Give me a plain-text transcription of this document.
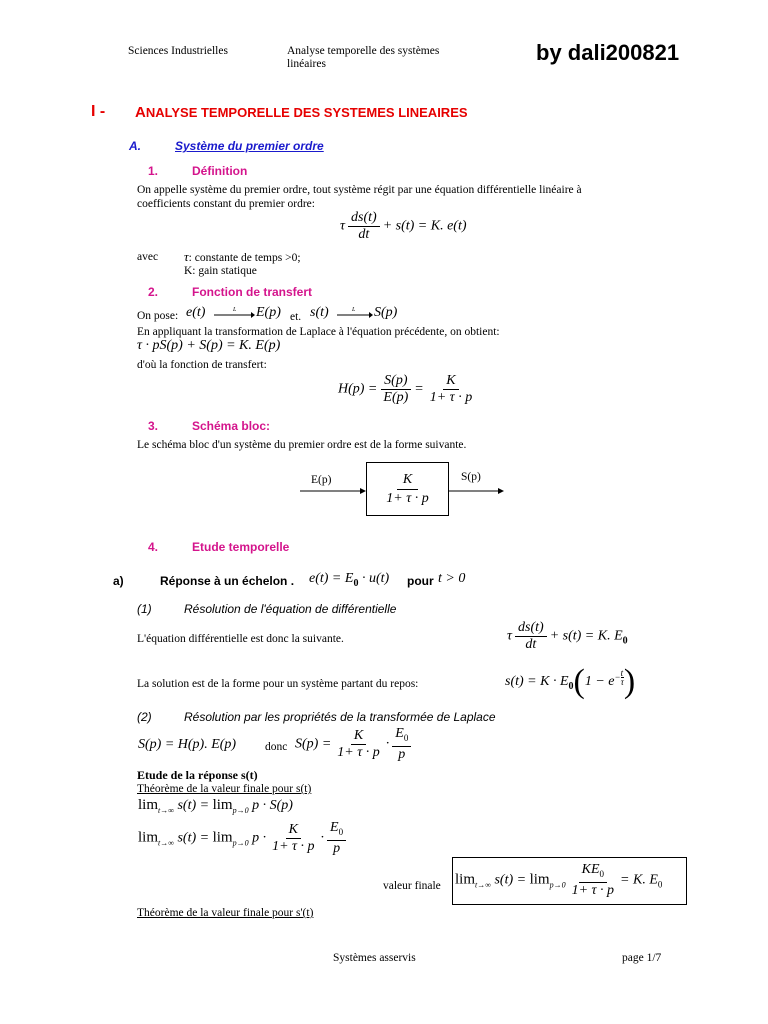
Sciences Industrielles	Analyse temporelle des systèmes
linéaires	by dali200821
I - ANALYSE TEMPORELLE DES SYSTEMES LINEAIRES
A.	Système du premier ordre
1.	Définition
On appelle système du premier ordre, tout système régit par une équation différentielle linéaire à
coefficients constant du premier ordre:
τ $\frac{ds(t)}{dt} + s(t) = K$. e(t)
avec τ: constante de temps >0;
K: gain statique
2.	Fonction de transfert
On pose: e(t)	L E(p) et. s(t)	L S(p)
En appliquant la transformation de Laplace à l'équation précédente, on obtient:
τ · pS(p) + S(p) = K. E(p)
d'où la fonction de transfert:
$H(p) = \frac{S(p)}{E(p)} = \frac{K}{1+ \tau \cdot p}$
3.	Schéma bloc:
Le schéma bloc d'un système du premier ordre est de la forme suivante.
E(p)	S(p)
K
1+ τ · p
4.	Etude temporelle
a)	Réponse à un échelon . $e(t) = E_0 \cdot u(t)$ pour t > 0
(1)	Résolution de l'équation de différentielle
L'équation différentielle est donc la suivante.	τ $\frac{ds(t)}{dt} + s(t) = K$. $E_0$
La solution est de la forme pour un système partant du repos:	$s(t) = K \cdot E_0(1 - e^{- \frac{t}{\tau}}$ )
(2)	Résolution par les propriétés de la transformée de Laplace
S(p) = H(p). E(p)	donc $S(p) = \frac{K}{1+ \tau \cdot p} \cdot \frac{E_0}{p}$
Etude de la réponse s(t)
Théorème de la valeur finale pour s(t)
$\lim_{t\to\infty} s(t) = \lim_{p\to 0} p \cdot S(p)$
$\lim_{t\to\infty} s(t) = \lim_{p\to 0} p \cdot \frac{K}{1+ \tau \cdot p} \cdot \frac{E_0}{p}$
valeur finale $\lim_{t\to\infty} s(t) = \lim_{p\to 0} \frac{KE_0}{1+ \tau \cdot p} = K$. $E_0$
Théorème de la valeur finale pour s'(t)
Systèmes asservis	page 1/7
